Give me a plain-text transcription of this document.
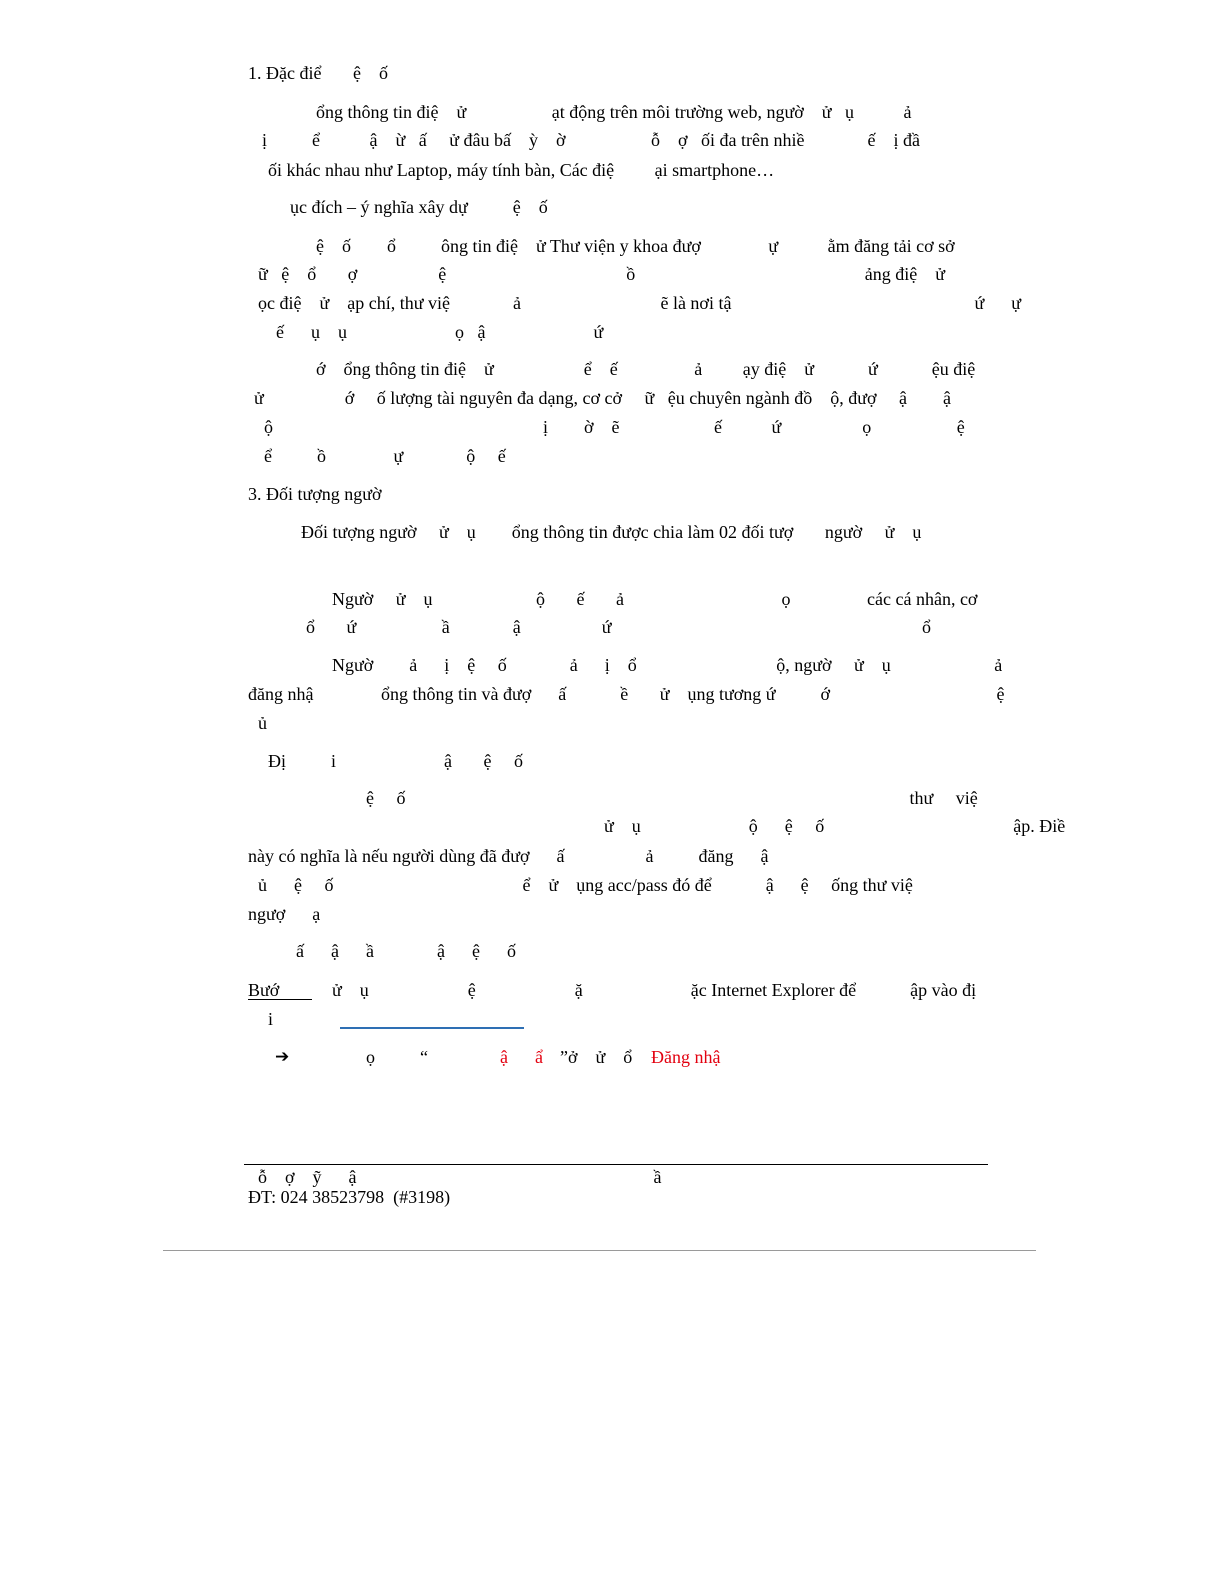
1. Đặc điể       ệ    ố
ổng thông tin điệ    ử                   ạt động trên môi trường web, ngườ    ử   ụ           ả
ị          ể           ậ    ừ   ấ     ử đâu bấ    ỳ    ờ                   ỗ    ợ   ối đa trên nhiề              ế    ị đầ
ối khác nhau như Laptop, máy tính bàn, Các điệ         ại smartphone…
ục đích – ý nghĩa xây dự          ệ    ố
ệ    ố        ổ          ông tin điệ    ử Thư viện y khoa đượ               ự           ằm đăng tải cơ sở
ữ   ệ    ổ       ợ                  ệ                                        ồ                                                   ảng điệ    ử
ọc điệ    ử    ạp chí, thư việ              ả                               ẽ là nơi tậ                                                      ứ      ự
ế      ụ    ụ                        ọ   ậ                        ứ
ớ    ổng thông tin điệ    ử                    ể    ế                 ả         ạy điệ    ử            ứ            ệu điệ
ử                  ớ     ố lượng tài nguyên đa dạng, cơ cở     ữ   ệu chuyên ngành đồ    ộ, đượ     ậ        ậ
ộ                                                            ị        ờ    ẽ                     ế           ứ                  ọ                   ệ
ể          ồ               ự              ộ     ế
3. Đối tượng ngườ
Đối tượng ngườ     ử    ụ        ổng thông tin được chia làm 02 đối tượ       ngườ     ử    ụ
Ngườ     ử    ụ                       ộ       ế       ả                                   ọ                 các cá nhân, cơ
ổ       ứ                   ầ              ậ                  ứ                                                                     ổ
Ngườ        ả      ị    ệ     ố              ả      ị    ổ                               ộ, ngườ     ử    ụ                       ả
đăng nhậ               ổng thông tin và đượ      ấ            ề       ử    ụng tương ứ          ớ                                     ệ
ủ
Đị          i                        ậ       ệ     ố
ệ     ố                                                                                                                thư     việ
ử    ụ                        ộ      ệ     ố                                          ập. Điề
này có nghĩa là nếu người dùng đã đượ      ấ                  ả          đăng      ậ
ủ      ệ     ố                                          ể    ử    ụng acc/pass đó để            ậ      ệ     ống thư việ
ngượ      ạ
ấ      ậ      ầ              ậ      ệ      ố
Bướ	ử    ụ                      ệ                      ặ                        ặc Internet Explorer để            ập vào đị
i
➔	ọ          “	ậ      ẩ ”ở    ử    ổ Đăng nhậ
ỗ    ợ    ỹ      ậ                                                                  ầ
ĐT: 024 38523798  (#3198)
